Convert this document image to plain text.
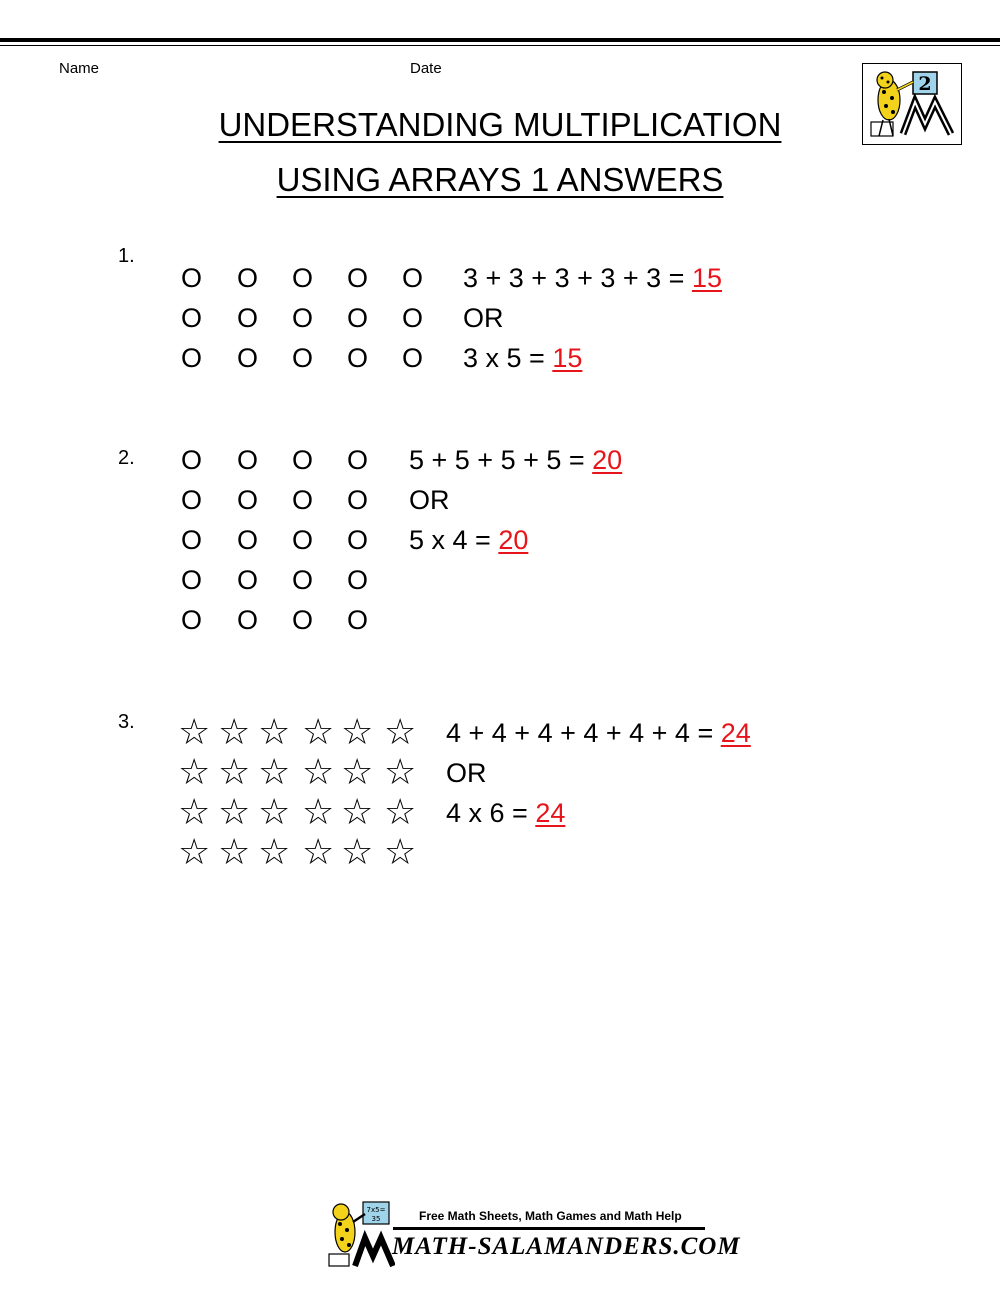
Name	Date
2
UNDERSTANDING MULTIPLICATION
USING ARRAYS 1 ANSWERS
1.
O O O O O 3 + 3 + 3 + 3 + 3 = 15
O O O O O OR
O O O O O 3 x 5 = 15
2. O O O O 5 + 5 + 5 + 5 = 20
O O O O OR
O O O O 5 x 4 = 20
O O O O
O O O O
3. ☆ ☆ ☆ ☆ ☆ ☆ 4 + 4 + 4 + 4 + 4 + 4 = 24
☆ ☆ ☆ ☆ ☆ ☆ OR
☆ ☆ ☆ ☆ ☆ ☆ 4 x 6 = 24
☆ ☆ ☆ ☆ ☆ ☆
7x5=
35	Free Math Sheets, Math Games and Math Help
MATH-SALAMANDERS.COM
